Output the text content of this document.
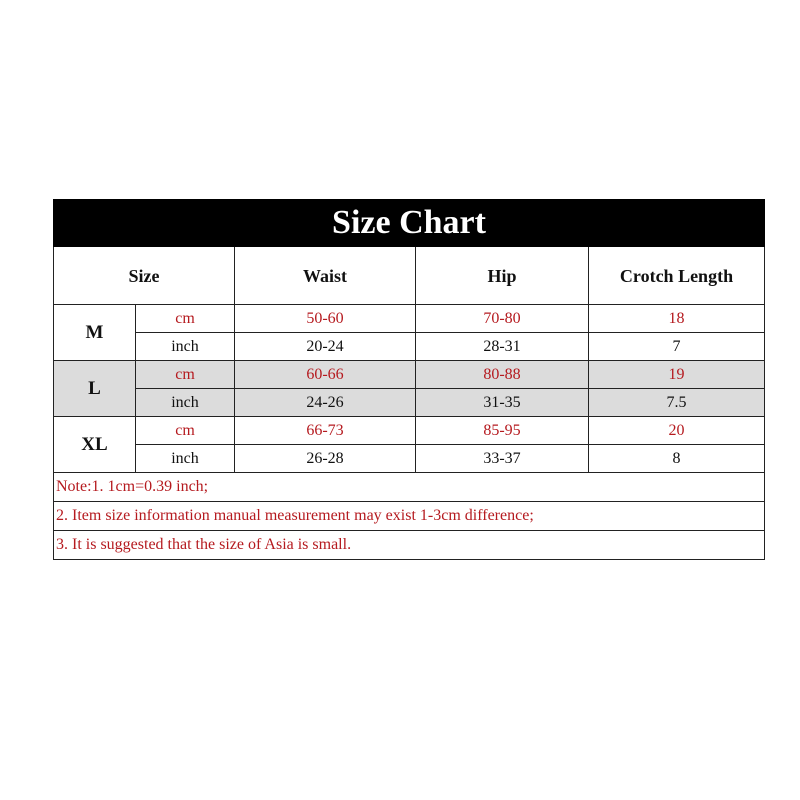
Size Chart				
Size		Waist	Hip	Crotch Length
M	cm	50-60	70-80	18
	inch	20-24	28-31	7
L	cm	60-66	80-88	19
	inch	24-26	31-35	7.5
XL	cm	66-73	85-95	20
	inch	26-28	33-37	8
Note:1. 1cm=0.39 inch;				
2. Item size information manual measurement may exist 1-3cm difference;				
3. It is suggested that the size of Asia is small.				
